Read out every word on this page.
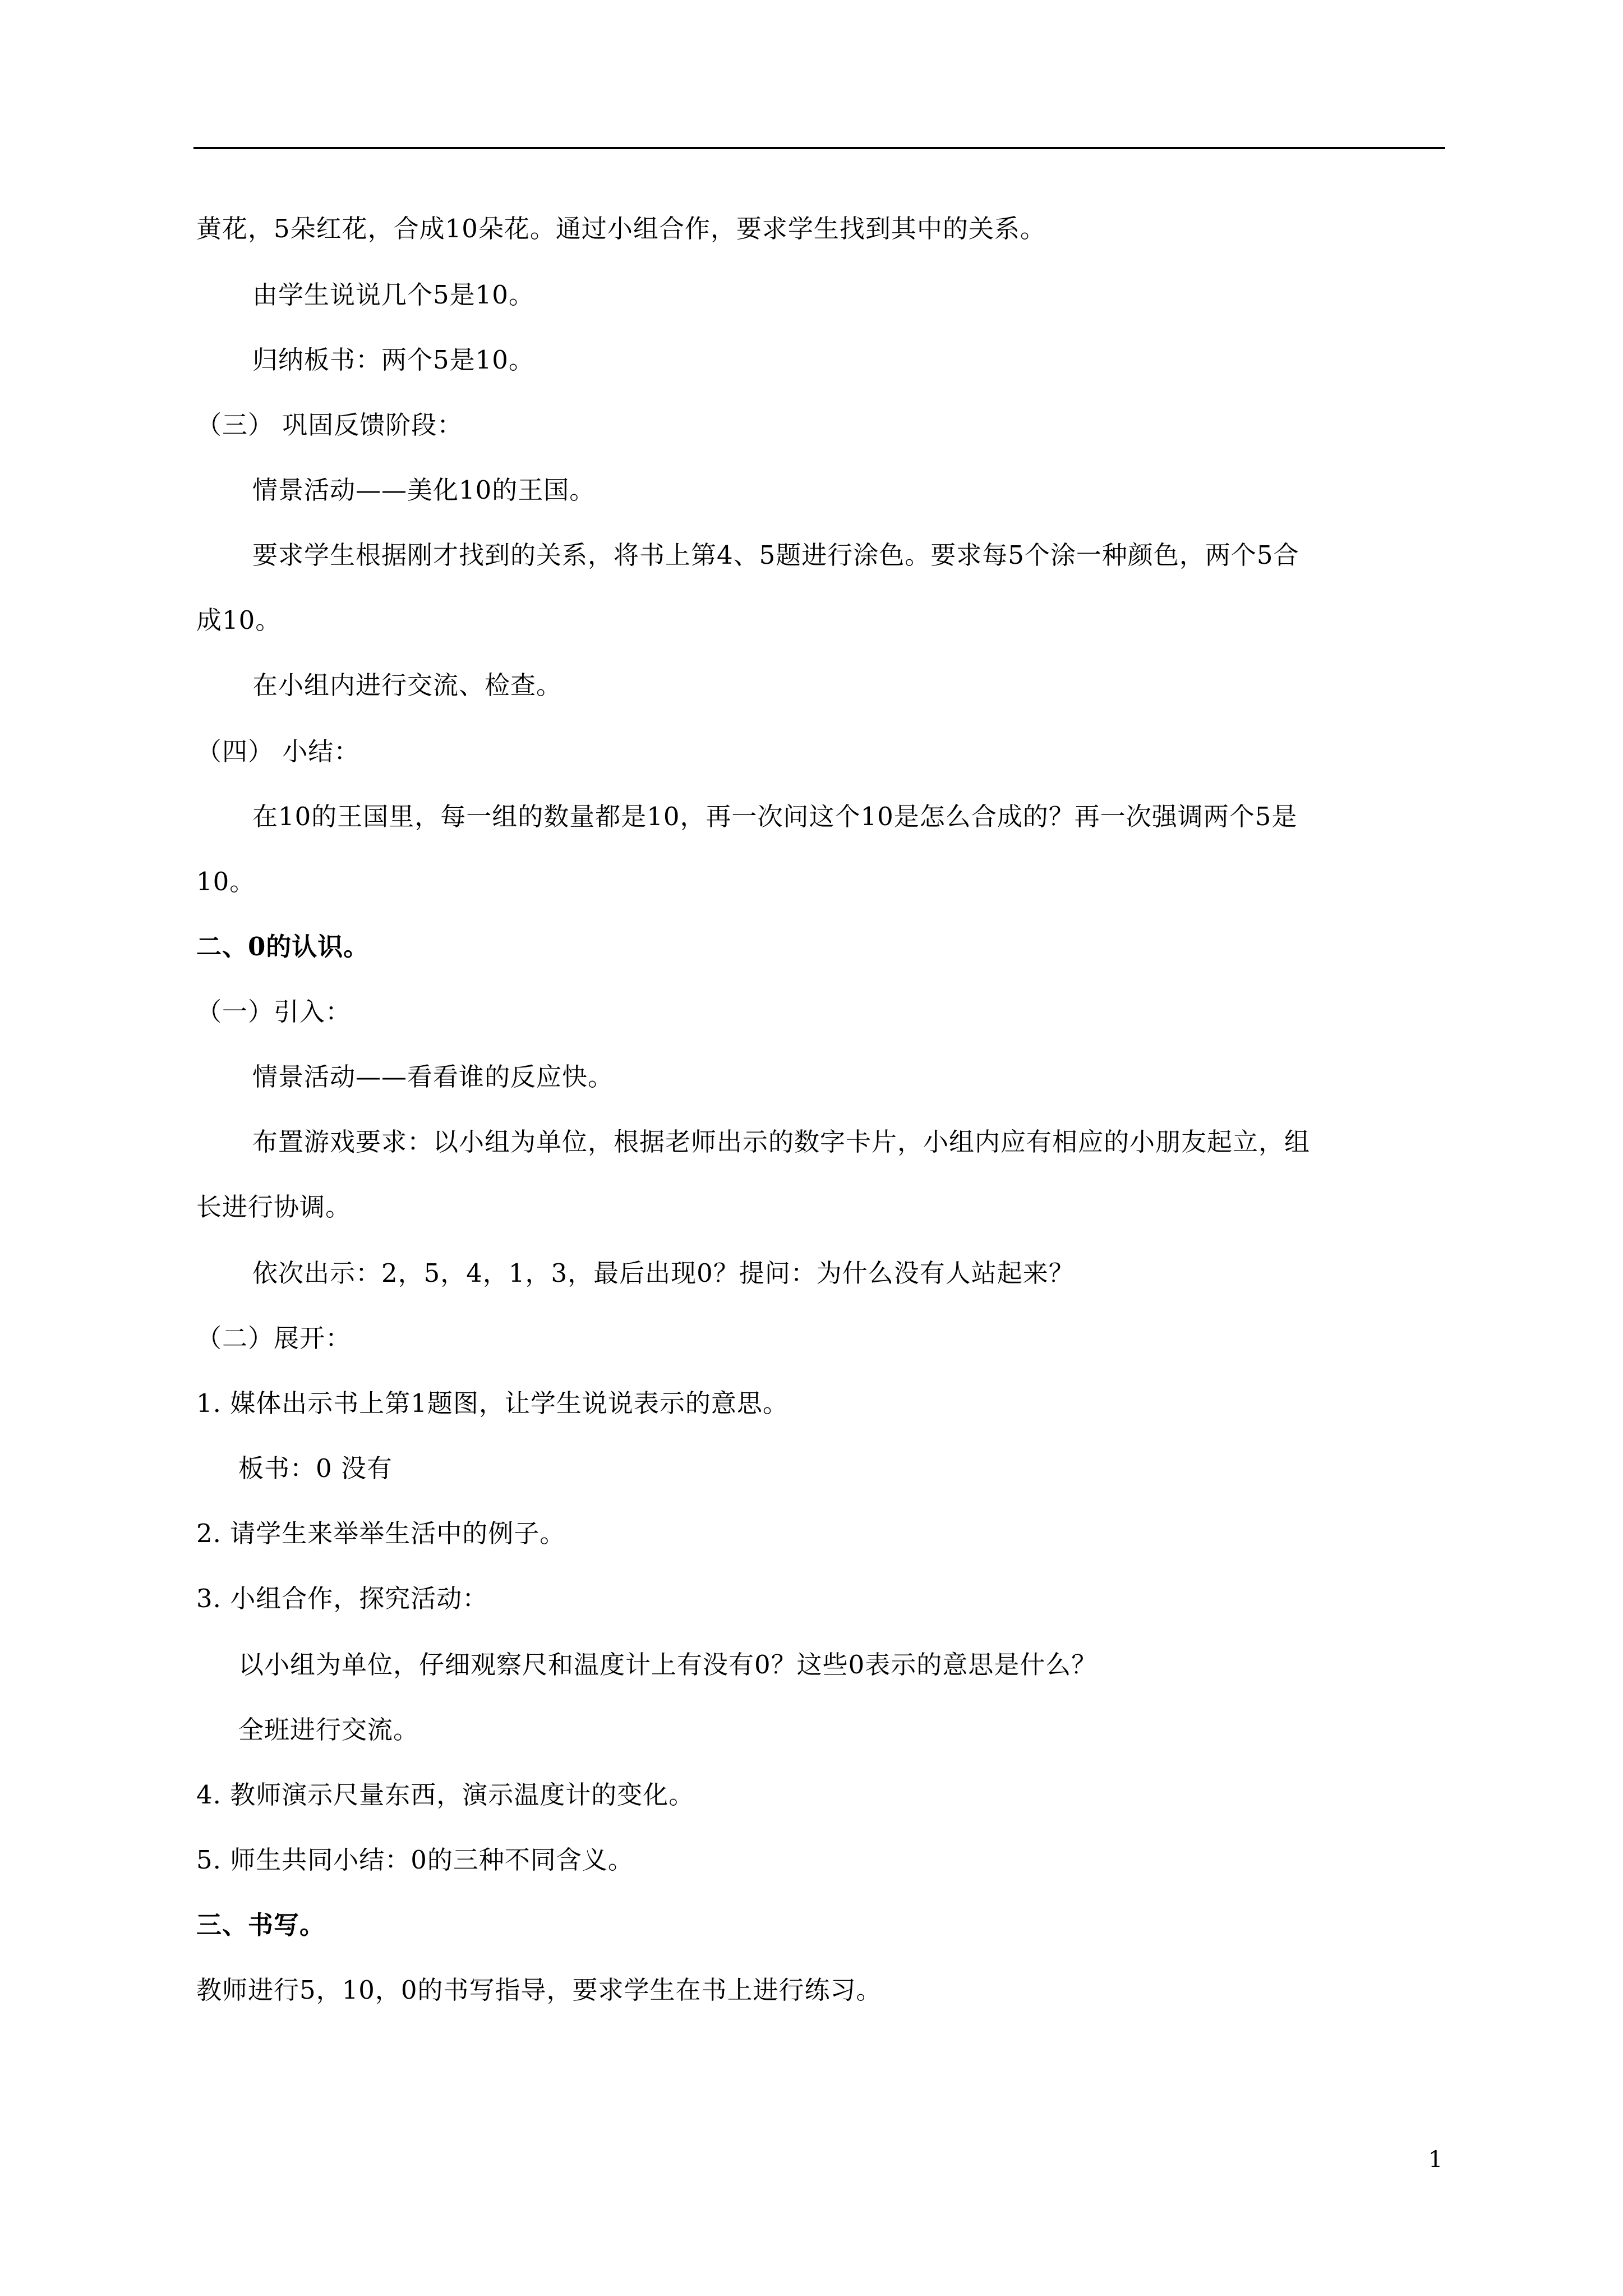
黄花，5朵红花，合成10朵花。通过小组合作，要求学生找到其中的关系。
由学生说说几个5是10。
归纳板书：两个5是10。
（三） 巩固反馈阶段：
情景活动——美化10的王国。
要求学生根据刚才找到的关系，将书上第4、5题进行涂色。要求每5个涂一种颜色，两个5合
成10。
在小组内进行交流、检查。
（四） 小结：
在10的王国里，每一组的数量都是10，再一次问这个10是怎么合成的？再一次强调两个5是
10。
二、0的认识。
（一）引入：
情景活动——看看谁的反应快。
布置游戏要求：以小组为单位，根据老师出示的数字卡片，小组内应有相应的小朋友起立，组
长进行协调。
依次出示：2，5，4，1，3，最后出现0？提问：为什么没有人站起来？
（二）展开：
1. 媒体出示书上第1题图，让学生说说表示的意思。
板书：0 没有
2. 请学生来举举生活中的例子。
3. 小组合作，探究活动：
以小组为单位，仔细观察尺和温度计上有没有0？这些0表示的意思是什么？
全班进行交流。
4. 教师演示尺量东西，演示温度计的变化。
5. 师生共同小结：0的三种不同含义。
三、书写。
教师进行5，10，0的书写指导，要求学生在书上进行练习。
1
